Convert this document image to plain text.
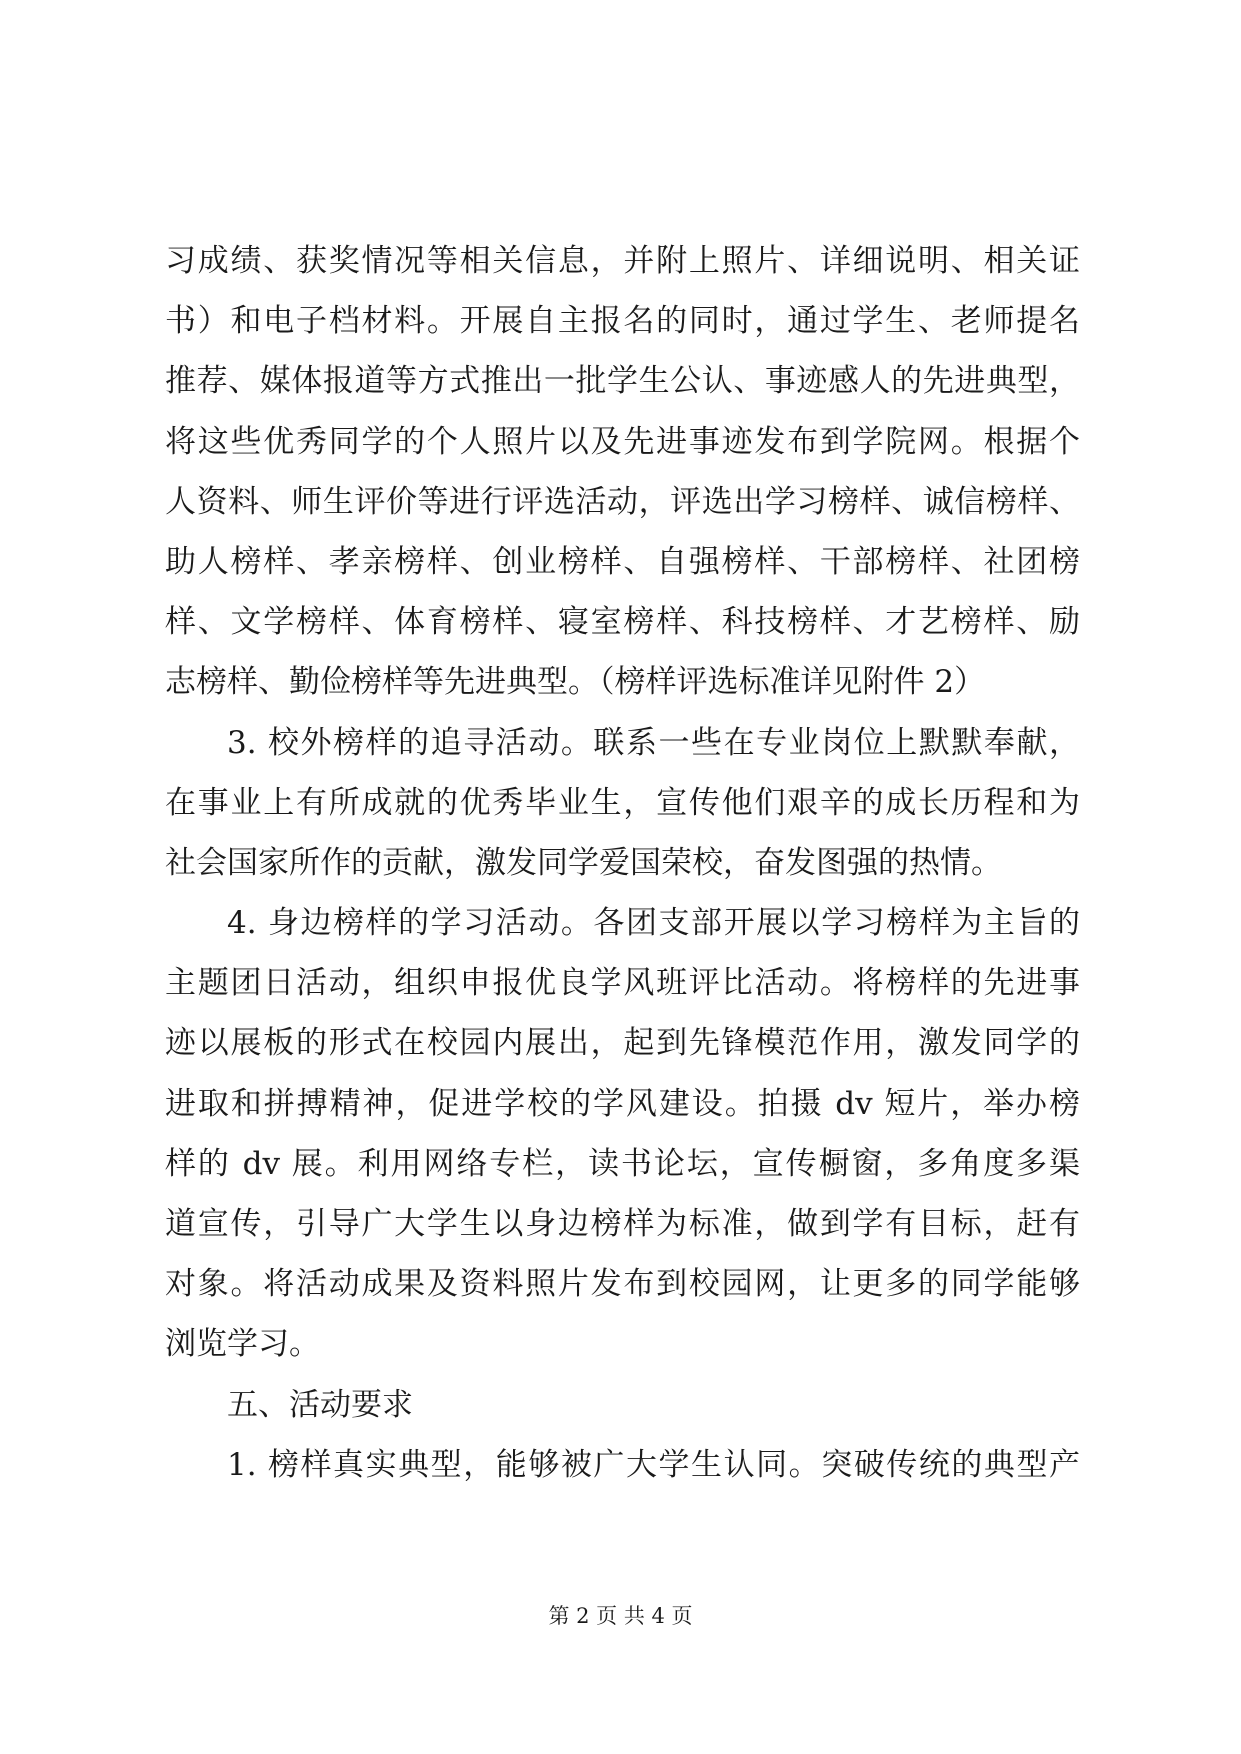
习成绩、获奖情况等相关信息，并附上照片、详细说明、相关证
书）和电子档材料。开展自主报名的同时，通过学生、老师提名
推荐、媒体报道等方式推出一批学生公认、事迹感人的先进典型，
将这些优秀同学的个人照片以及先进事迹发布到学院网。根据个
人资料、师生评价等进行评选活动，评选出学习榜样、诚信榜样、
助人榜样、孝亲榜样、创业榜样、自强榜样、干部榜样、社团榜
样、文学榜样、体育榜样、寝室榜样、科技榜样、才艺榜样、励
志榜样、勤俭榜样等先进典型。（榜样评选标准详见附件 2）
3. 校外榜样的追寻活动。联系一些在专业岗位上默默奉献，
在事业上有所成就的优秀毕业生，宣传他们艰辛的成长历程和为
社会国家所作的贡献，激发同学爱国荣校，奋发图强的热情。
4. 身边榜样的学习活动。各团支部开展以学习榜样为主旨的
主题团日活动，组织申报优良学风班评比活动。将榜样的先进事
迹以展板的形式在校园内展出，起到先锋模范作用，激发同学的
进取和拼搏精神，促进学校的学风建设。拍摄 dv 短片，举办榜
样的 dv 展。利用网络专栏，读书论坛，宣传橱窗，多角度多渠
道宣传，引导广大学生以身边榜样为标准，做到学有目标，赶有
对象。将活动成果及资料照片发布到校园网，让更多的同学能够
浏览学习。
五、活动要求
1. 榜样真实典型，能够被广大学生认同。突破传统的典型产
第 2 页 共 4 页
